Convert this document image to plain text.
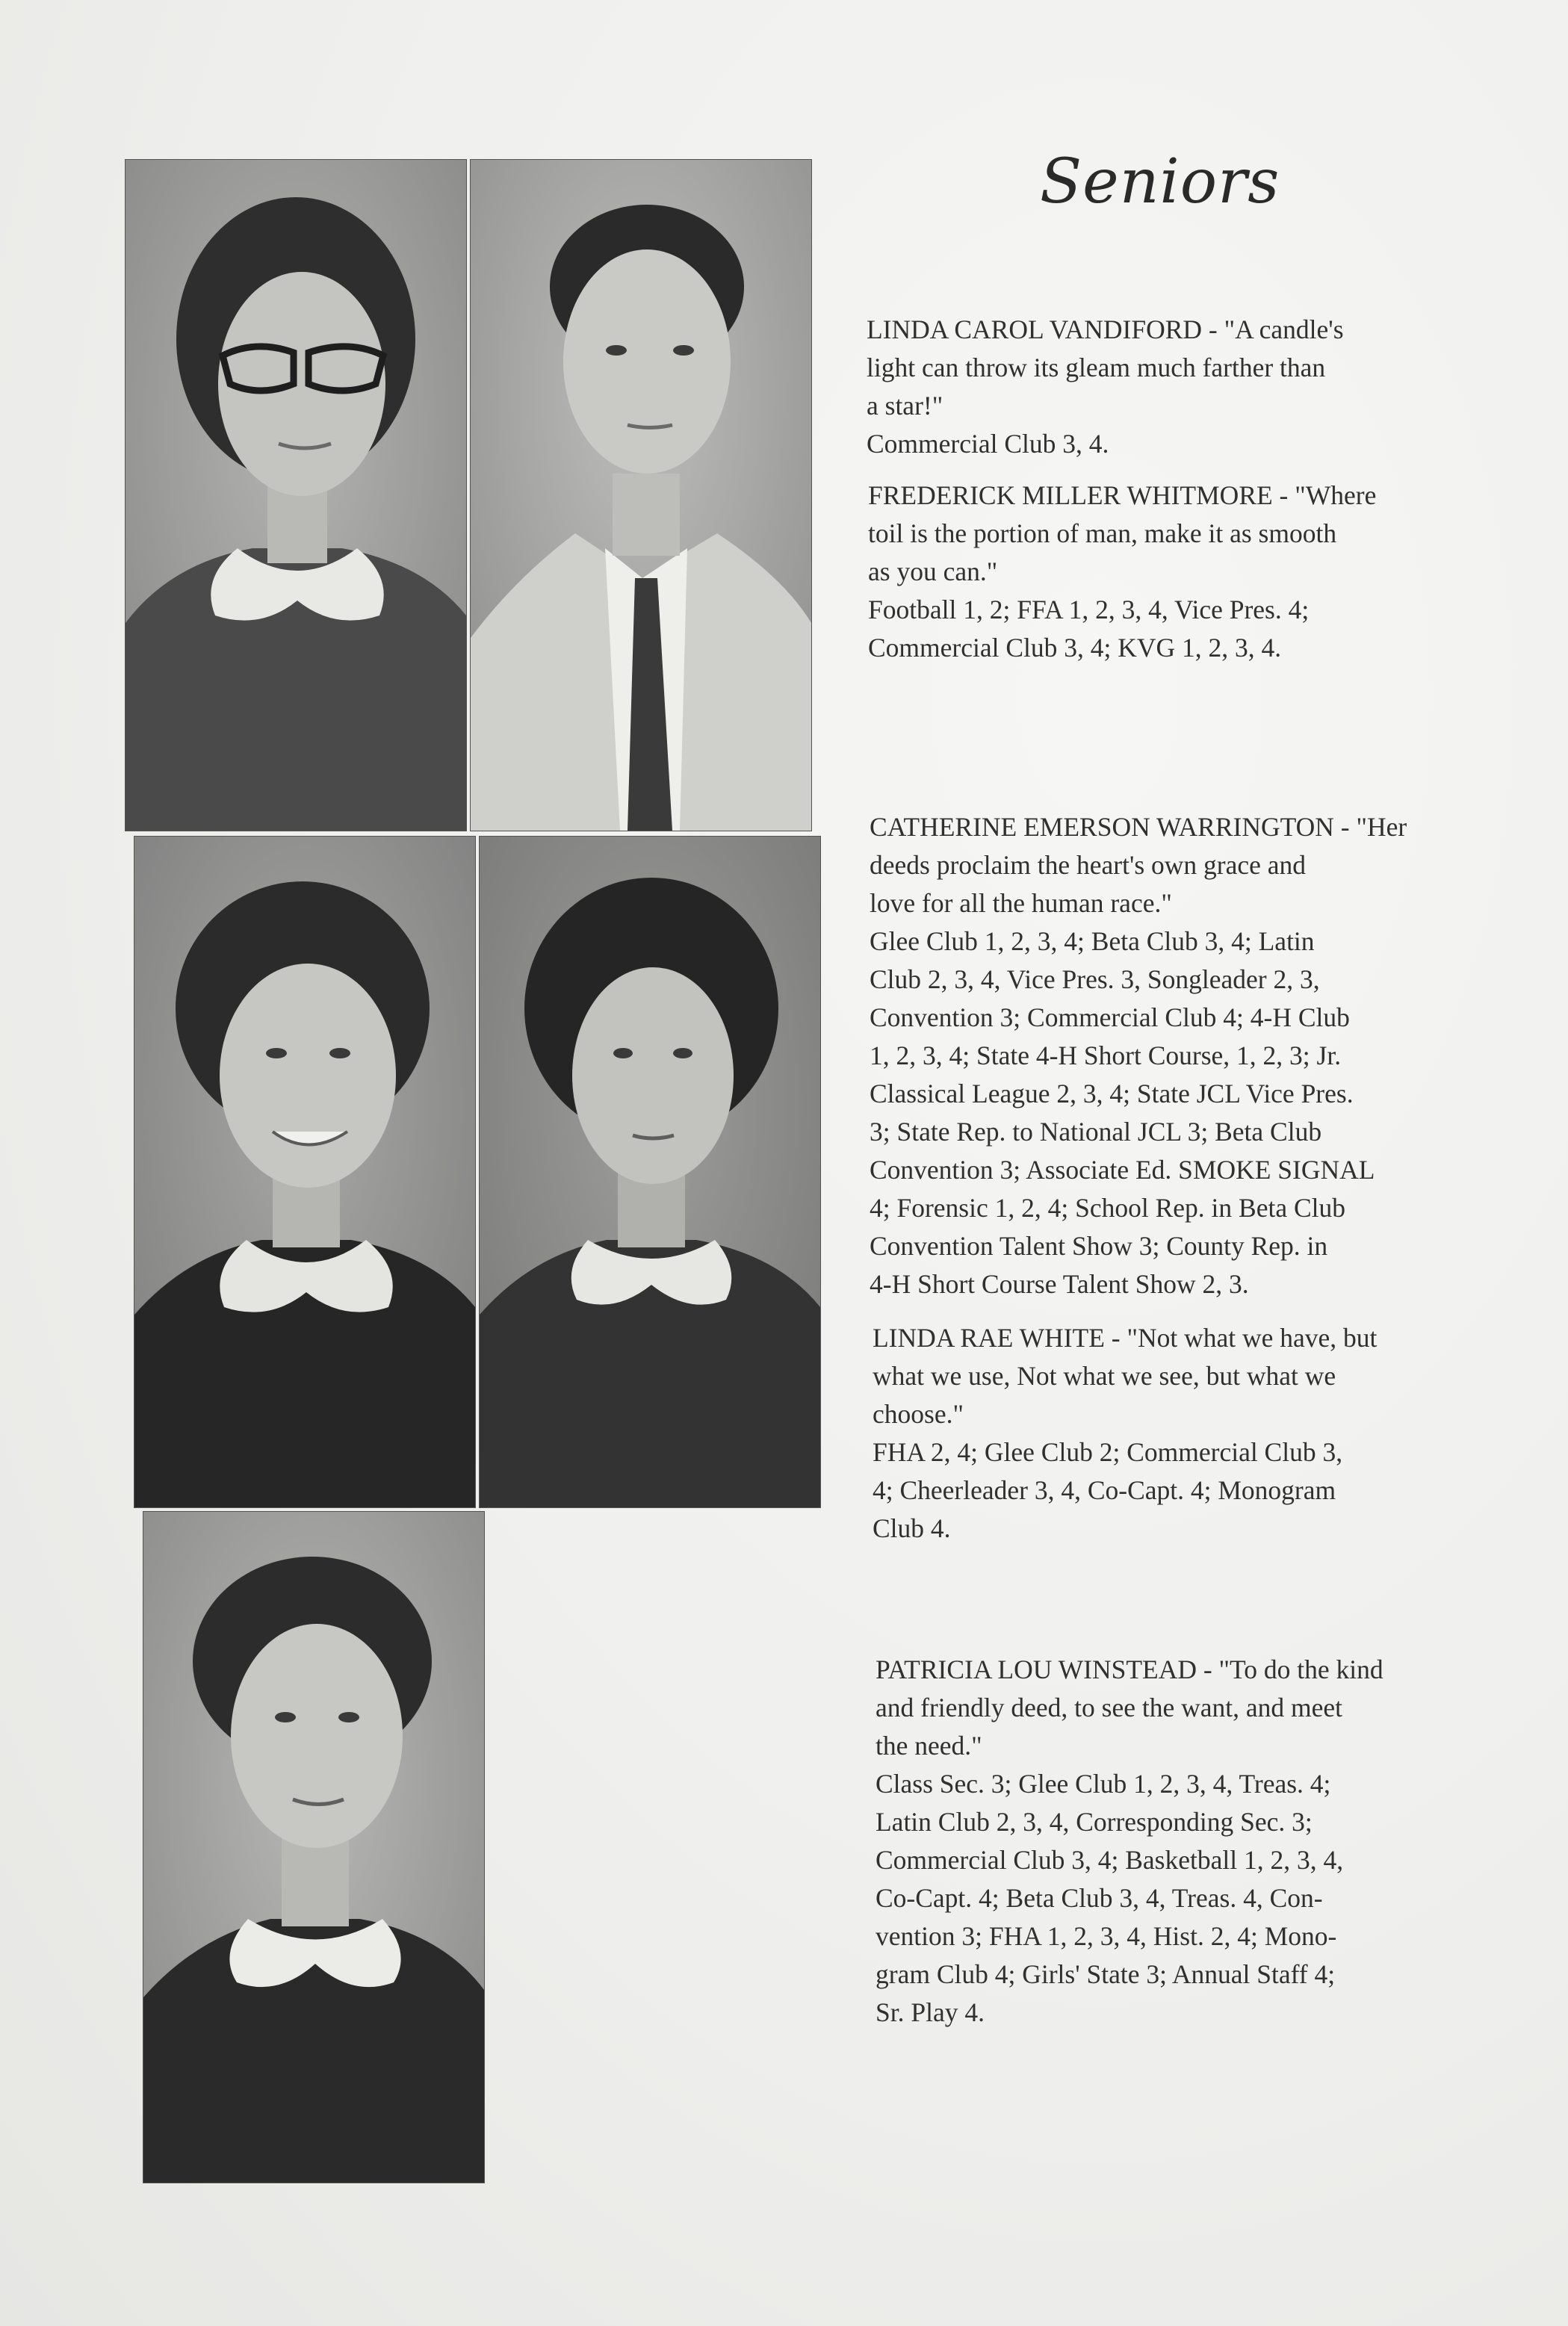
Seniors
LINDA CAROL VANDIFORD - "A candle's
light can throw its gleam much farther than
a star!"
Commercial Club 3, 4.
FREDERICK MILLER WHITMORE - "Where
toil is the portion of man, make it as smooth
as you can."
Football 1, 2; FFA 1, 2, 3, 4, Vice Pres. 4;
Commercial Club 3, 4; KVG 1, 2, 3, 4.
CATHERINE EMERSON WARRINGTON - "Her
deeds proclaim the heart's own grace and
love for all the human race."
Glee Club 1, 2, 3, 4; Beta Club 3, 4; Latin
Club 2, 3, 4, Vice Pres. 3, Songleader 2, 3,
Convention 3; Commercial Club 4; 4-H Club
1, 2, 3, 4; State 4-H Short Course, 1, 2, 3; Jr.
Classical League 2, 3, 4; State JCL Vice Pres.
3; State Rep. to National JCL 3; Beta Club
Convention 3; Associate Ed. SMOKE SIGNAL
4; Forensic 1, 2, 4; School Rep. in Beta Club
Convention Talent Show 3; County Rep. in
4-H Short Course Talent Show 2, 3.
LINDA RAE WHITE - "Not what we have, but
what we use, Not what we see, but what we
choose."
FHA 2, 4; Glee Club 2; Commercial Club 3,
4; Cheerleader 3, 4, Co-Capt. 4; Monogram
Club 4.
PATRICIA LOU WINSTEAD - "To do the kind
and friendly deed, to see the want, and meet
the need."
Class Sec. 3; Glee Club 1, 2, 3, 4, Treas. 4;
Latin Club 2, 3, 4, Corresponding Sec. 3;
Commercial Club 3, 4; Basketball 1, 2, 3, 4,
Co-Capt. 4; Beta Club 3, 4, Treas. 4, Con-
vention 3; FHA 1, 2, 3, 4, Hist. 2, 4; Mono-
gram Club 4; Girls' State 3; Annual Staff 4;
Sr. Play 4.
